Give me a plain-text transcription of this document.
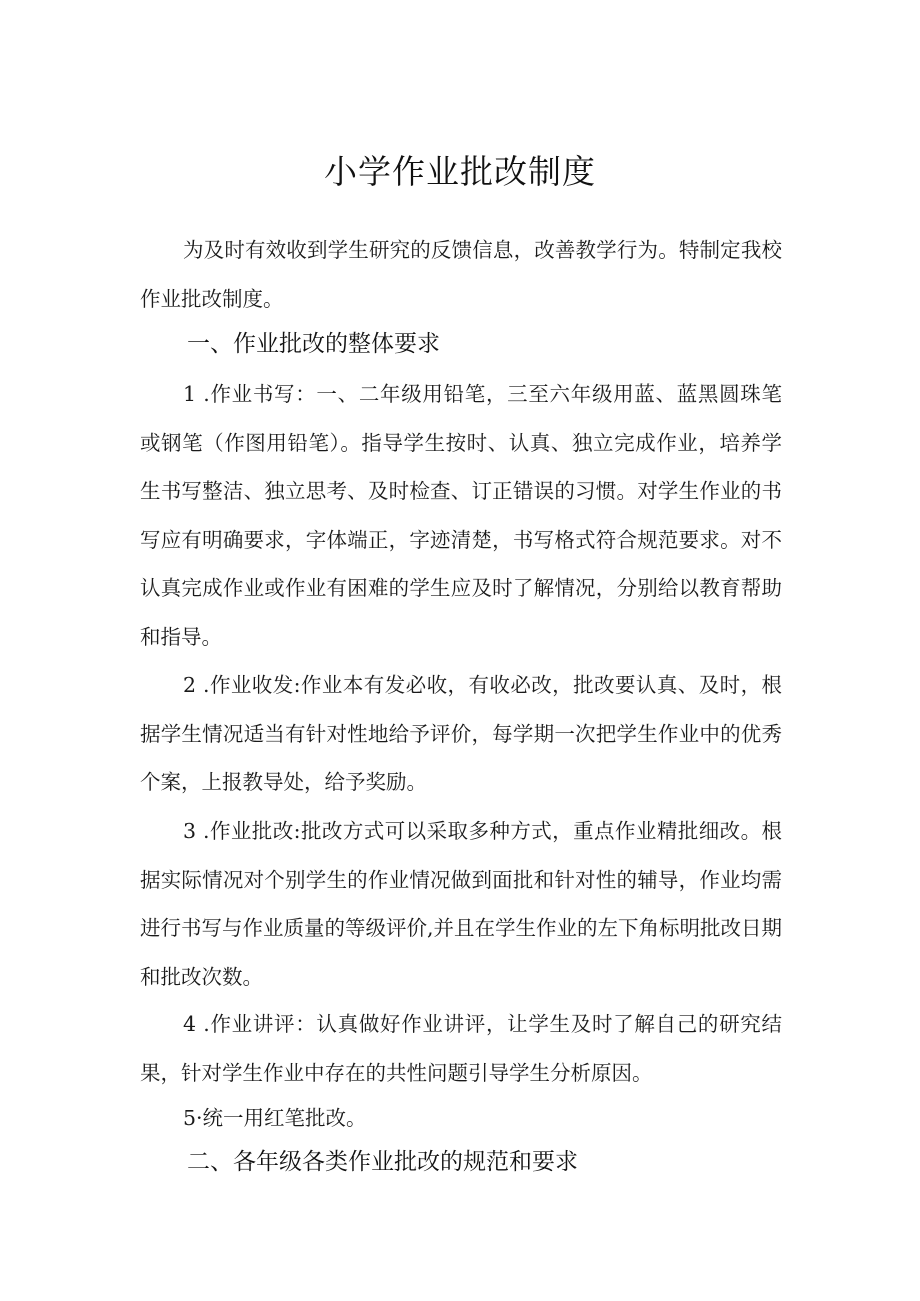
小学作业批改制度

为及时有效收到学生研究的反馈信息，改善教学行为。特制定我校作业批改制度。

一、作业批改的整体要求

1 .作业书写：一、二年级用铅笔，三至六年级用蓝、蓝黑圆珠笔或钢笔（作图用铅笔）。指导学生按时、认真、独立完成作业，培养学生书写整洁、独立思考、及时检查、订正错误的习惯。对学生作业的书写应有明确要求，字体端正，字迹清楚，书写格式符合规范要求。对不认真完成作业或作业有困难的学生应及时了解情况，分别给以教育帮助和指导。

2 .作业收发:作业本有发必收，有收必改，批改要认真、及时，根据学生情况适当有针对性地给予评价，每学期一次把学生作业中的优秀个案，上报教导处，给予奖励。

3 .作业批改:批改方式可以采取多种方式，重点作业精批细改。根据实际情况对个别学生的作业情况做到面批和针对性的辅导，作业均需进行书写与作业质量的等级评价,并且在学生作业的左下角标明批改日期和批改次数。

4 .作业讲评：认真做好作业讲评，让学生及时了解自己的研究结果，针对学生作业中存在的共性问题引导学生分析原因。

5·统一用红笔批改。

二、各年级各类作业批改的规范和要求
